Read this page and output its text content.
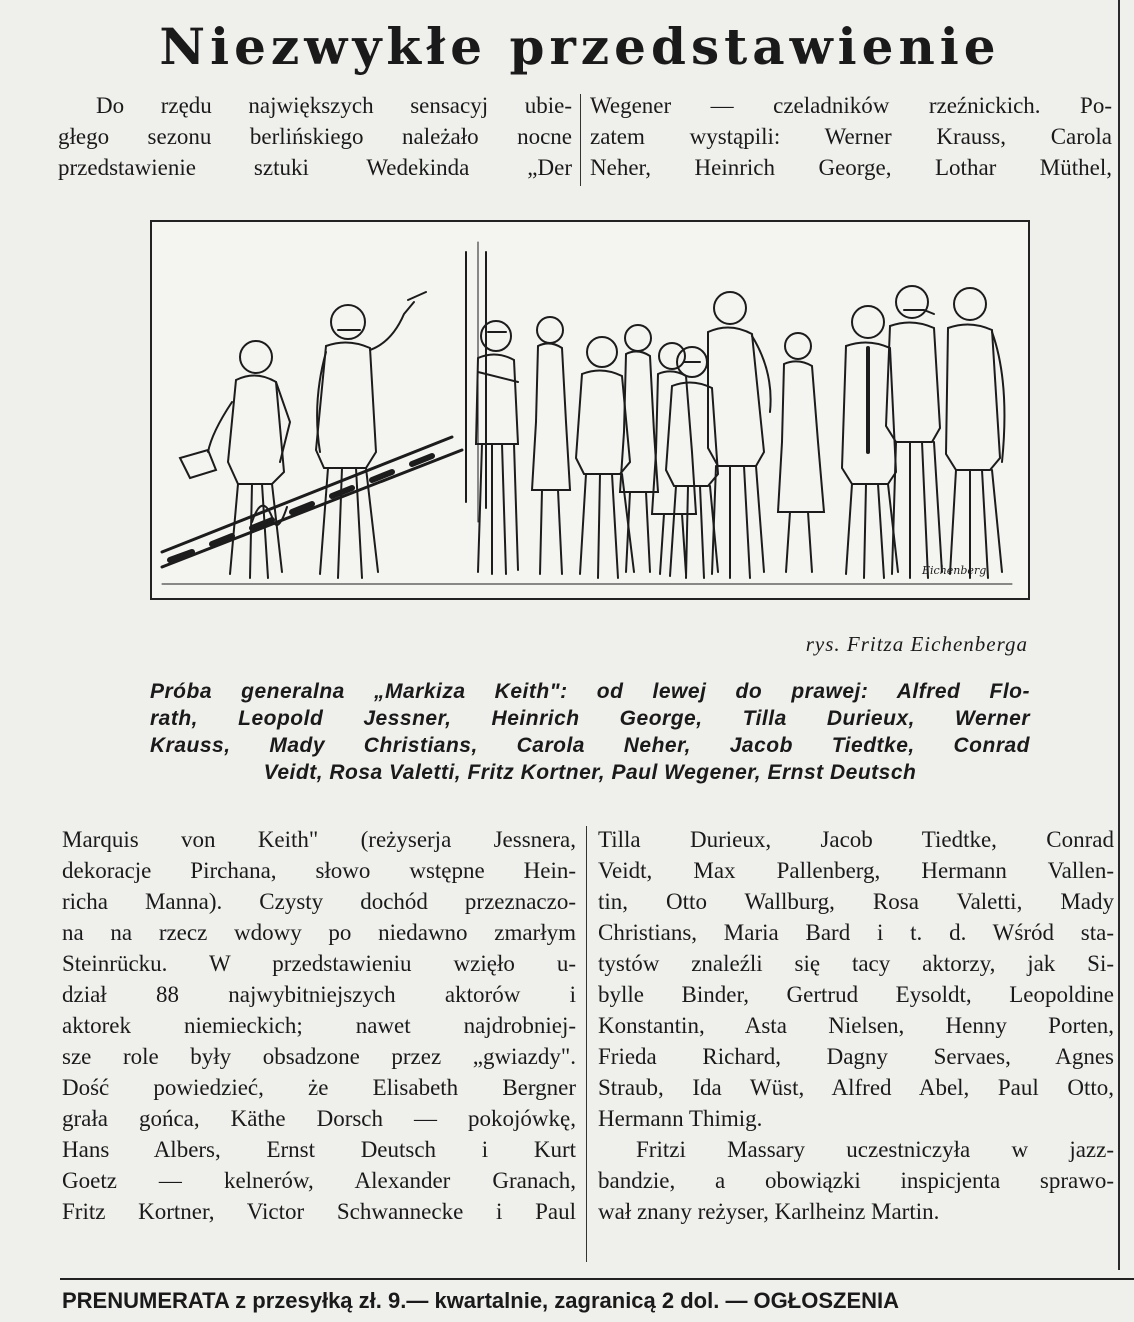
Niezwykłe przedstawienie
Do rzędu największych sensacyj ubie-
głego sezonu berlińskiego należało nocne
przedstawienie sztuki Wedekinda „Der
Wegener — czeladników rzeźnickich. Po-
zatem wystąpili: Werner Krauss, Carola
Neher, Heinrich George, Lothar Müthel,
Eichenberg
rys. Fritza Eichenberga
Próba generalna „Markiza Keith": od lewej do prawej: Alfred Flo-
rath, Leopold Jessner, Heinrich George, Tilla Durieux, Werner
Krauss, Mady Christians, Carola Neher, Jacob Tiedtke, Conrad
Veidt, Rosa Valetti, Fritz Kortner, Paul Wegener, Ernst Deutsch
Marquis von Keith" (reżyserja Jessnera,
dekoracje Pirchana, słowo wstępne Hein-
richa Manna). Czysty dochód przeznaczo-
na na rzecz wdowy po niedawno zmarłym
Steinrücku. W przedstawieniu wzięło u-
dział 88 najwybitniejszych aktorów i
aktorek niemieckich; nawet najdrobniej-
sze role były obsadzone przez „gwiazdy".
Dość powiedzieć, że Elisabeth Bergner
grała gońca, Käthe Dorsch — pokojówkę,
Hans Albers, Ernst Deutsch i Kurt
Goetz — kelnerów, Alexander Granach,
Fritz Kortner, Victor Schwannecke i Paul
Tilla Durieux, Jacob Tiedtke, Conrad
Veidt, Max Pallenberg, Hermann Vallen-
tin, Otto Wallburg, Rosa Valetti, Mady
Christians, Maria Bard i t. d. Wśród sta-
tystów znaleźli się tacy aktorzy, jak Si-
bylle Binder, Gertrud Eysoldt, Leopoldine
Konstantin, Asta Nielsen, Henny Porten,
Frieda Richard, Dagny Servaes, Agnes
Straub, Ida Wüst, Alfred Abel, Paul Otto,
Hermann Thimig.
Fritzi Massary uczestniczyła w jazz-
bandzie, a obowiązki inspicjenta sprawo-
wał znany reżyser, Karlheinz Martin.
PRENUMERATA z przesyłką zł. 9.— kwartalnie, zagranicą 2 dol. — OGŁOSZENIA
